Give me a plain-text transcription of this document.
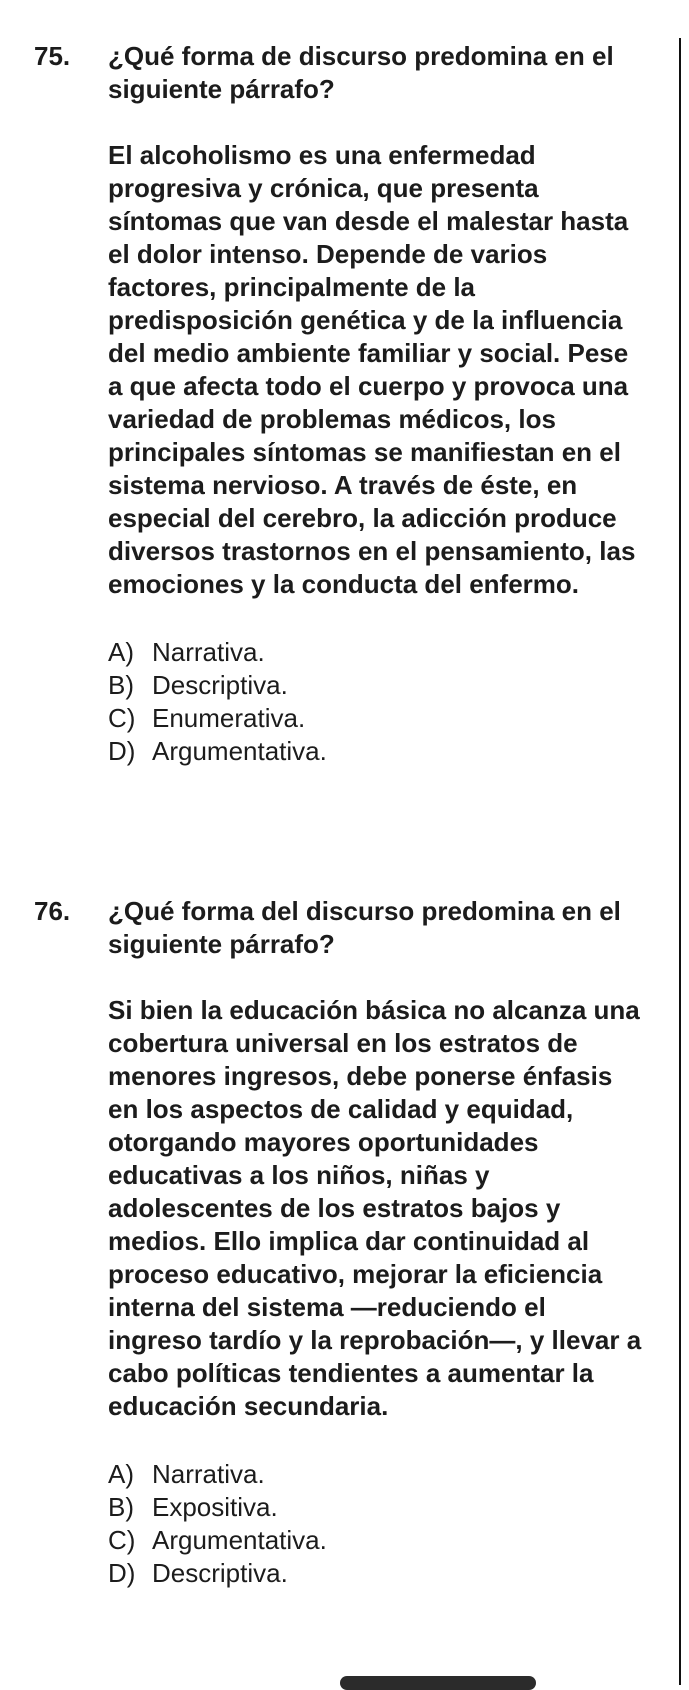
75. ¿Qué forma de discurso predomina en el siguiente párrafo?

El alcoholismo es una enfermedad progresiva y crónica, que presenta síntomas que van desde el malestar hasta el dolor intenso. Depende de varios factores, principalmente de la predisposición genética y de la influencia del medio ambiente familiar y social. Pese a que afecta todo el cuerpo y provoca una variedad de problemas médicos, los principales síntomas se manifiestan en el sistema nervioso. A través de éste, en especial del cerebro, la adicción produce diversos trastornos en el pensamiento, las emociones y la conducta del enfermo.

A) Narrativa.
B) Descriptiva.
C) Enumerativa.
D) Argumentativa.
76. ¿Qué forma del discurso predomina en el siguiente párrafo?

Si bien la educación básica no alcanza una cobertura universal en los estratos de menores ingresos, debe ponerse énfasis en los aspectos de calidad y equidad, otorgando mayores oportunidades educativas a los niños, niñas y adolescentes de los estratos bajos y medios. Ello implica dar continuidad al proceso educativo, mejorar la eficiencia interna del sistema —reduciendo el ingreso tardío y la reprobación—, y llevar a cabo políticas tendientes a aumentar la educación secundaria.

A) Narrativa.
B) Expositiva.
C) Argumentativa.
D) Descriptiva.
